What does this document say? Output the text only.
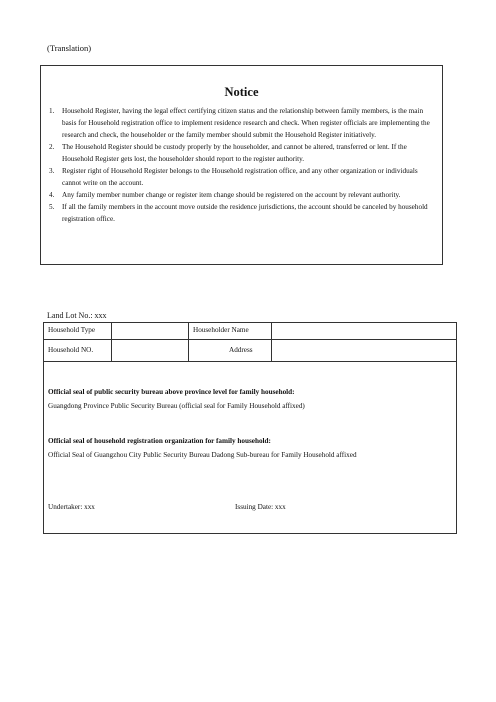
(Translation)
Notice
1. Household Register, having the legal effect certifying citizen status and the relationship between family members, is the main basis for Household registration office to implement residence research and check. When register officials are implementing the research and check, the householder or the family member should submit the Household Register initiatively.
2. The Household Register should be custody properly by the householder, and cannot be altered, transferred or lent. If the Household Register gets lost, the householder should report to the register authority.
3. Register right of Household Register belongs to the Household registration office, and any other organization or individuals cannot write on the account.
4. Any family member number change or register item change should be registered on the account by relevant authority.
5. If all the family members in the account move outside the residence jurisdictions, the account should be canceled by household registration office.
Land Lot No.: xxx
Household Type	Householder Name
Household NO.	Address
Official seal of public security bureau above province level for family household:
Guangdong Province Public Security Bureau (official seal for Family Household affixed)
Official seal of household registration organization for family household:
Official Seal of Guangzhou City Public Security Bureau Dadong Sub-bureau for Family Household affixed
Undertaker: xxx	Issuing Date: xxx
